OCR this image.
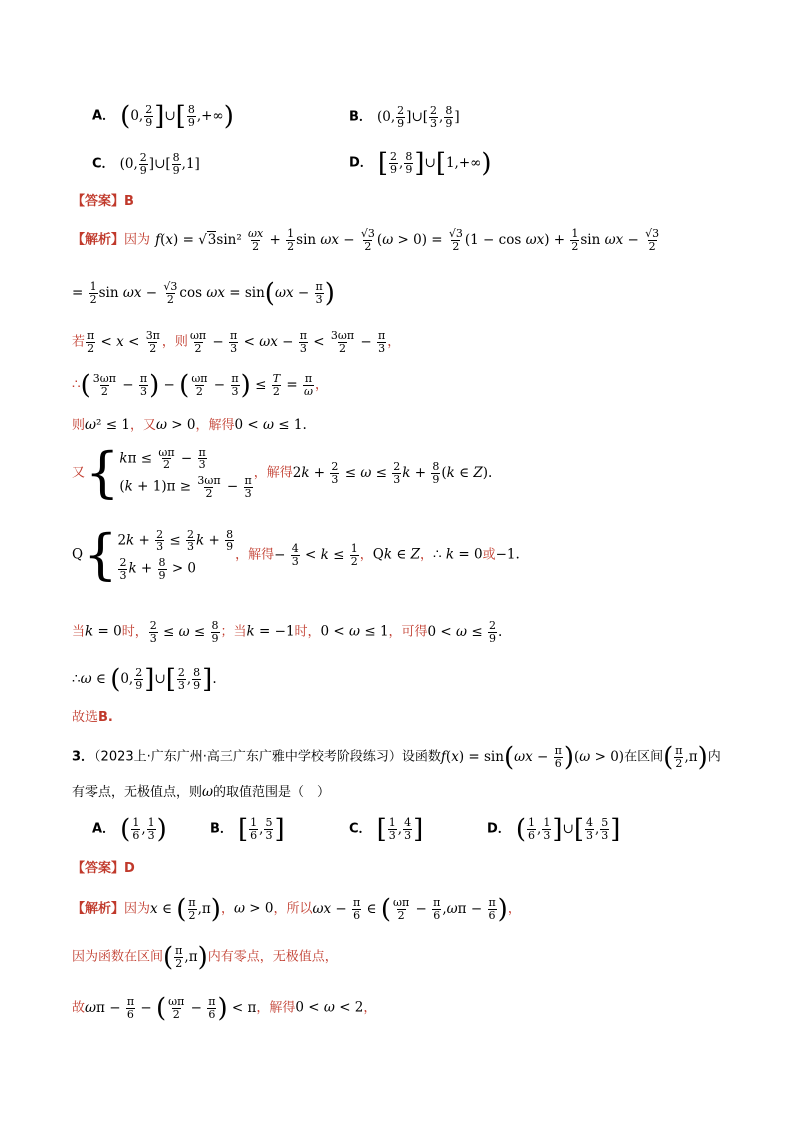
A． (0, $\frac{2}{9}$ ]∪[ $\frac{8}{9}$ ,+∞)	B． (0, $\frac{2}{9}$ ]∪[ $\frac{2}{3}$ , $\frac{8}{9}$ ]
C． (0, $\frac{2}{9}$ ]∪[ $\frac{8}{9} ,1$]	D． [ $\frac{2}{9}$ , $\frac{8}{9}$ ]∪[1,+∞)
【答案】B
【解析】因为 $f(x) = √3\sin^2 \frac{\omega x}{2} + \frac{1}{2}$ $\sin \omega x - \frac{√3}{2} (\omega > 0) = \frac{√3}{2} (1 - \cos \omega x) + \frac{1}{2}$ $\sin \omega x - \frac{√3}{2}$
= $\frac{1}{2}$ $\sin \omega x - \frac{√3}{2}$ $\cos \omega x = \sin(\omega x - \frac{\pi}{3}$ )
若 $\frac{\pi}{2} < x < \frac{3\pi}{2}$ ，则 $\frac{\omega\pi}{2} - \frac{\pi}{3} < \omega x - \frac{\pi}{3} < \frac{3\omega\pi}{2} - \frac{\pi}{3}$ ，
∴( $\frac{3\omega\pi}{2} - \frac{\pi}{3}$ ) − ( $\frac{\omega\pi}{2} - \frac{\pi}{3}$ ) ≤ $\frac{T}{2} = \frac{\pi}{\omega}$ ，
则ω² ≤ 1，又ω > 0，解得0 < ω ≤ 1.
又{ $k\pi \le \frac{\omega\pi}{2} - \frac{\pi}{3}$
$(k + 1)\pi \ge \frac{3\omega\pi}{2} - \frac{\pi}{3}$
，解得$2k + \frac{2}{3} \le \omega \le \frac{2}{3}$ $k + \frac{8}{9} (k$ ∈ Z).
Q{ $2k + \frac{2}{3} \le \frac{2}{3}$ $k + \frac{8}{9}$
$\frac{2}{3}$ $k + \frac{8}{9} > 0$
，解得− $\frac{4}{3} < k \le \frac{1}{2}$ ，Qk ∈ Z，∴ k = 0或−1.
当k = 0时， $\frac{2}{3} \le \omega \le \frac{8}{9}$ ；当k = −1时，0 < ω ≤ 1，可得$0 < \omega \le \frac{2}{9}$ .
∴ω ∈ (0, $\frac{2}{9}$ ]∪[ $\frac{2}{3}$ , $\frac{8}{9}$ ].
故选B.
3．（2023上·广东广州·高三广东广雅中学校考阶段练习）设函数$f(x) = \sin(\omega x - \frac{\pi}{6} )(\omega > 0)$在区间( $\frac{\pi}{2} ,\pi$)内
有零点，无极值点，则ω的取值范围是（　）
A． ( $\frac{1}{6}$ , $\frac{1}{3}$ )	B． [ $\frac{1}{6}$ , $\frac{5}{3}$ ]	C． [ $\frac{1}{3}$ , $\frac{4}{3}$ ]	D． ( $\frac{1}{6}$ , $\frac{1}{3}$ ]∪[ $\frac{4}{3}$ , $\frac{5}{3}$ ]
【答案】D
【解析】因为x ∈ ( $\frac{\pi}{2} ,\pi$)，ω > 0，所以$\omega x - \frac{\pi}{6}$ ∈ ( $\frac{\omega\pi}{2} - \frac{\pi}{6} ,\omega\pi - \frac{\pi}{6}$ )，
因为函数在区间( $\frac{\pi}{2} ,\pi$)内有零点，无极值点，
故$\omega\pi - \frac{\pi}{6}$ − ( $\frac{\omega\pi}{2} - \frac{\pi}{6}$ ) < π，解得0 < ω < 2，
